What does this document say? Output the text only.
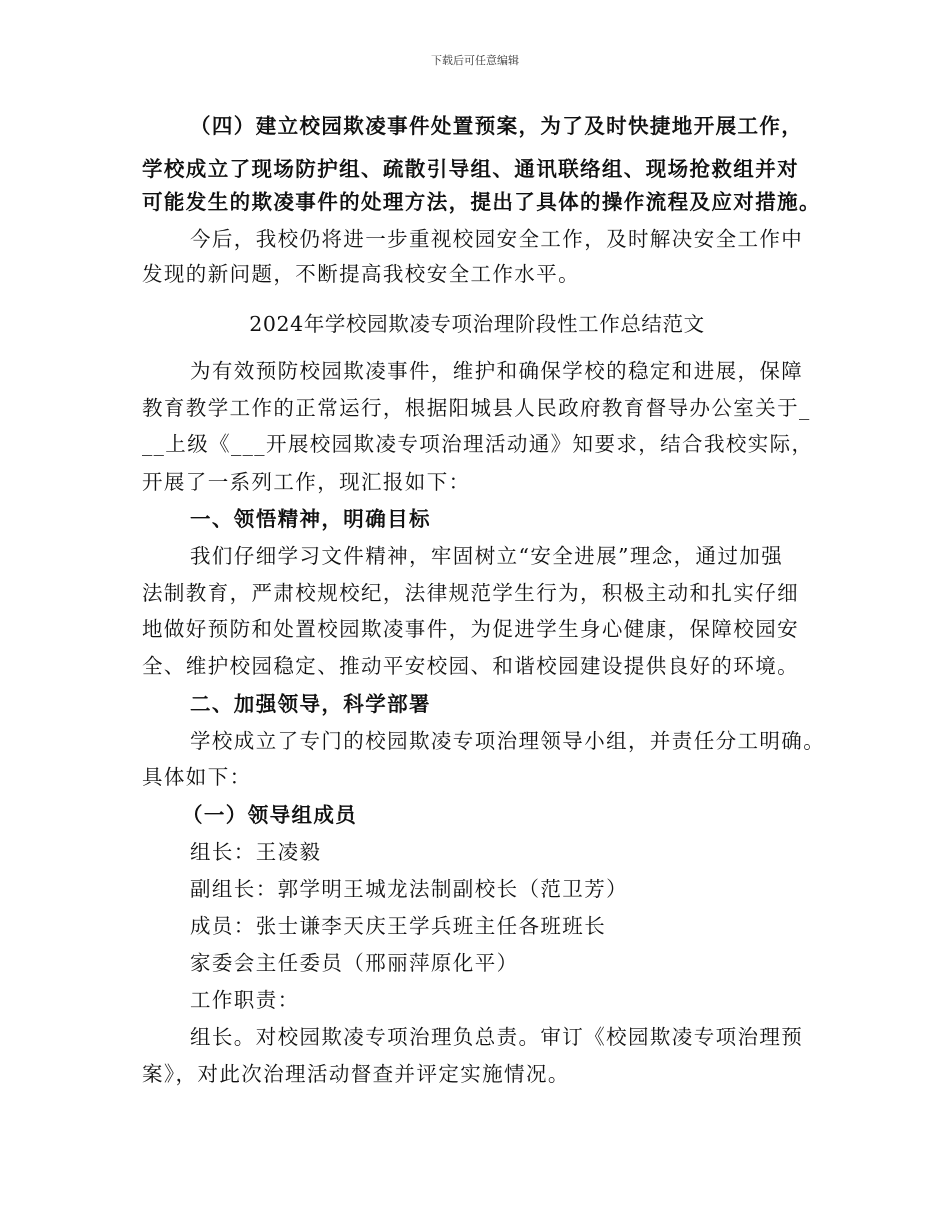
下载后可任意编辑
（四）建立校园欺凌事件处置预案，为了及时快捷地开展工作，
学校成立了现场防护组、疏散引导组、通讯联络组、现场抢救组并对
可能发生的欺凌事件的处理方法，提出了具体的操作流程及应对措施。
今后，我校仍将进一步重视校园安全工作，及时解决安全工作中
发现的新问题，不断提高我校安全工作水平。
2024年学校园欺凌专项治理阶段性工作总结范文
为有效预防校园欺凌事件，维护和确保学校的稳定和进展，保障
教育教学工作的正常运行，根据阳城县人民政府教育督导办公室关于_
__上级《___开展校园欺凌专项治理活动通》知要求，结合我校实际，
开展了一系列工作，现汇报如下：
一、领悟精神，明确目标
我们仔细学习文件精神，牢固树立“安全进展”理念，通过加强
法制教育，严肃校规校纪，法律规范学生行为，积极主动和扎实仔细
地做好预防和处置校园欺凌事件，为促进学生身心健康，保障校园安
全、维护校园稳定、推动平安校园、和谐校园建设提供良好的环境。
二、加强领导，科学部署
学校成立了专门的校园欺凌专项治理领导小组，并责任分工明确。
具体如下：
（一）领导组成员
组长：王凌毅
副组长：郭学明王城龙法制副校长（范卫芳）
成员：张士谦李天庆王学兵班主任各班班长
家委会主任委员（邢丽萍原化平）
工作职责：
组长。对校园欺凌专项治理负总责。审订《校园欺凌专项治理预
案》，对此次治理活动督查并评定实施情况。
